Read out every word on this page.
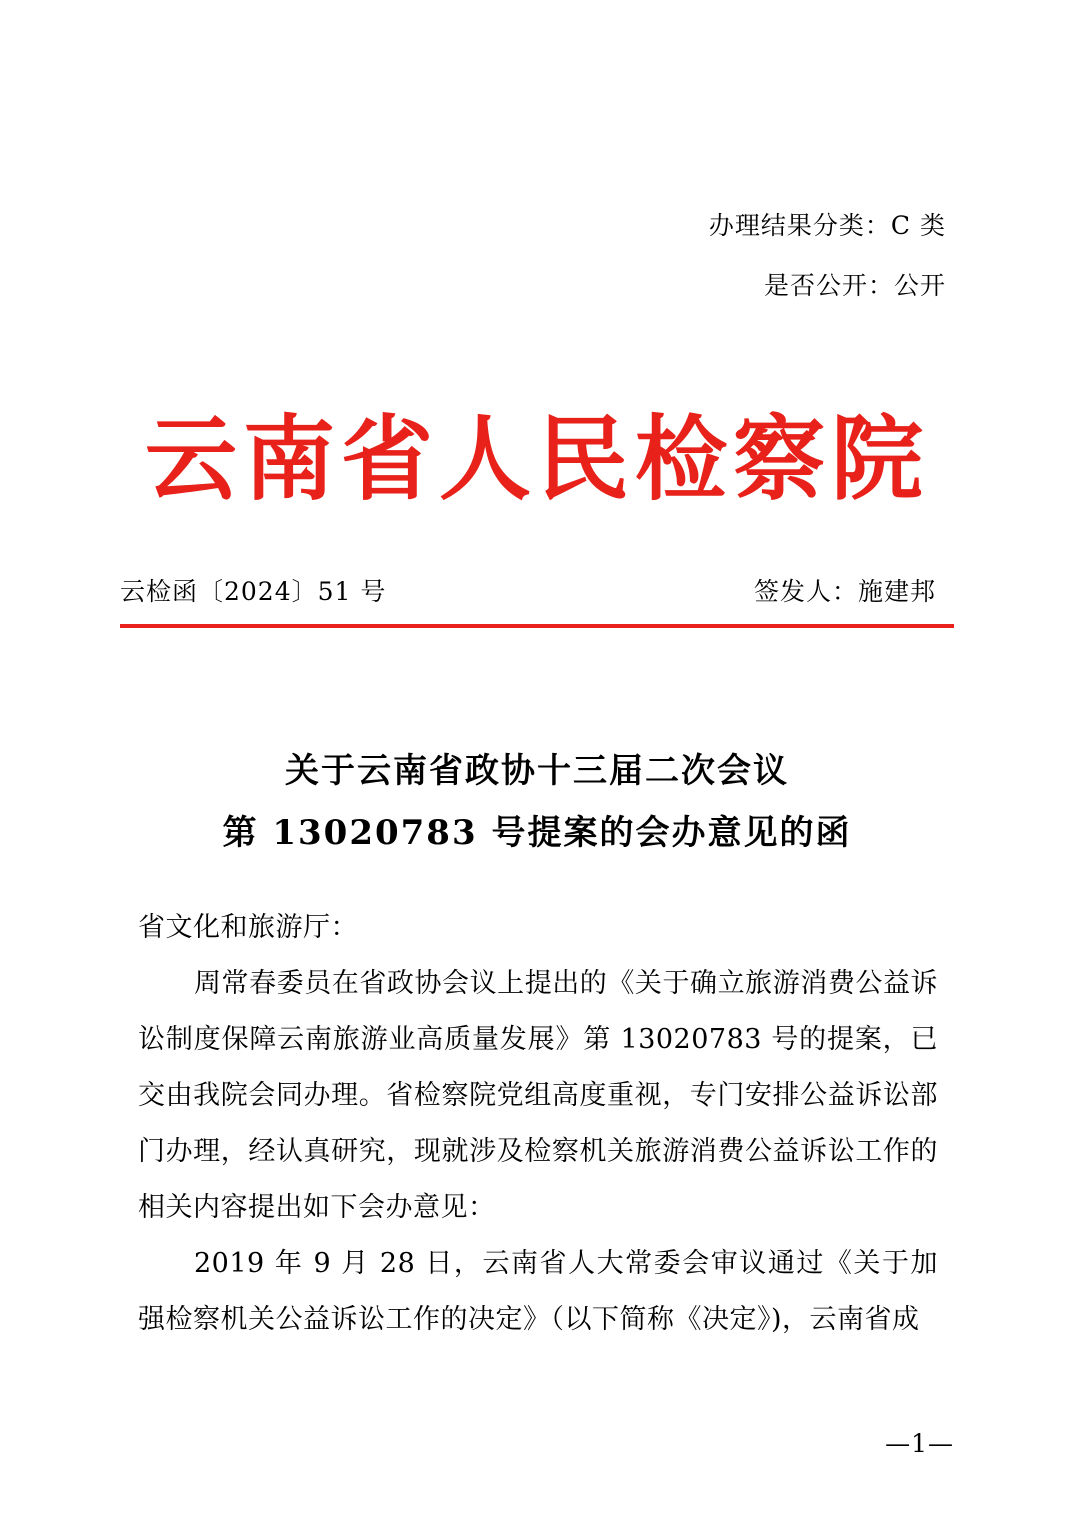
办理结果分类：C 类
是否公开：公开
云南省人民检察院
云检函〔2024〕51 号	签发人：施建邦
关于云南省政协十三届二次会议
第 13020783 号提案的会办意见的函

省文化和旅游厅：

周常春委员在省政协会议上提出的《关于确立旅游消费公益诉讼制度保障云南旅游业高质量发展》第 13020783 号的提案，已交由我院会同办理。省检察院党组高度重视，专门安排公益诉讼部门办理，经认真研究，现就涉及检察机关旅游消费公益诉讼工作的相关内容提出如下会办意见：

2019 年 9 月 28 日，云南省人大常委会审议通过《关于加强检察机关公益诉讼工作的决定》（以下简称《决定》)，云南省成

—1—
